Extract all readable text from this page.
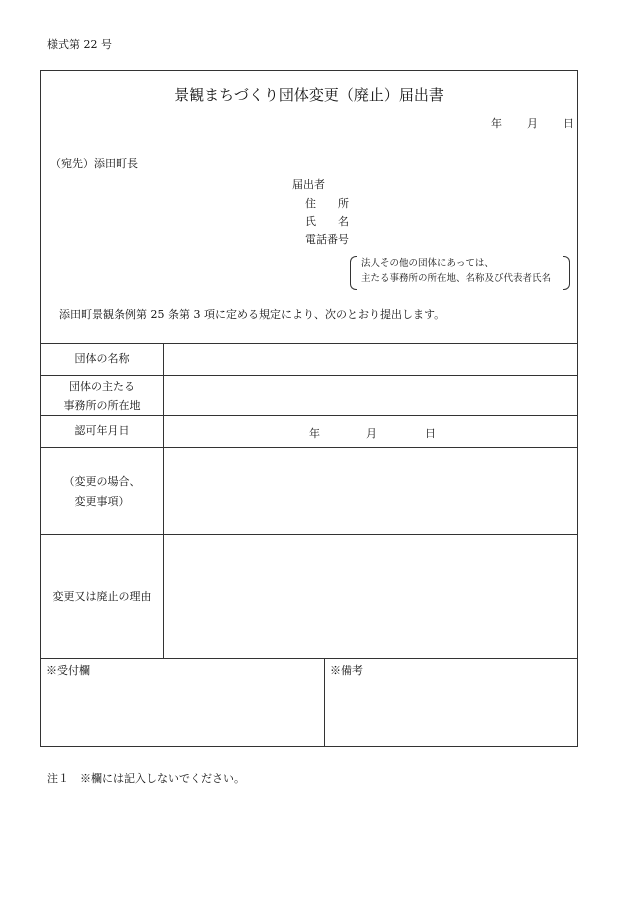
様式第 22 号
景観まちづくり団体変更（廃止）届出書
年 月 日
（宛先）添田町長
届出者
住　　所
氏　　名
電話番号
法人その他の団体にあっては、
主たる事務所の所在地、名称及び代表者氏名
添田町景観条例第 25 条第 3 項に定める規定により、次のとおり提出します。
団体の名称
団体の主たる
事務所の所在地
認可年月日	年	月	日
（変更の場合、
変更事項）
変更又は廃止の理由
※受付欄	※備考
注１　※欄には記入しないでください。
